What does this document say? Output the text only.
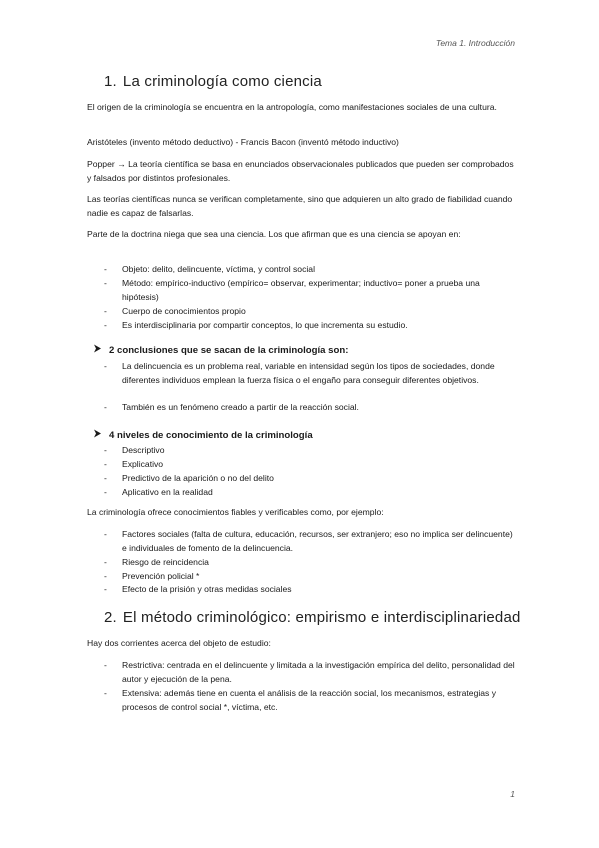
Tema 1. Introducción
1. La criminología como ciencia
El origen de la criminología se encuentra en la antropología, como manifestaciones sociales de una cultura.
Aristóteles (invento método deductivo) - Francis Bacon (inventó método inductivo)
Popper → La teoría científica se basa en enunciados observacionales publicados que pueden ser comprobados y falsados por distintos profesionales.
Las teorías científicas nunca se verifican completamente, sino que adquieren un alto grado de fiabilidad cuando nadie es capaz de falsarlas.
Parte de la doctrina niega que sea una ciencia. Los que afirman que es una ciencia se apoyan en:
- Objeto: delito, delincuente, víctima, y control social
- Método: empírico-inductivo (empírico= observar, experimentar; inductivo= poner a prueba una hipótesis)
- Cuerpo de conocimientos propio
- Es interdisciplinaria por compartir conceptos, lo que incrementa su estudio.
2 conclusiones que se sacan de la criminología son:
- La delincuencia es un problema real, variable en intensidad según los tipos de sociedades, donde diferentes individuos emplean la fuerza física o el engaño para conseguir diferentes objetivos.
- También es un fenómeno creado a partir de la reacción social.
4 niveles de conocimiento de la criminología
- Descriptivo
- Explicativo
- Predictivo de la aparición o no del delito
- Aplicativo en la realidad
La criminología ofrece conocimientos fiables y verificables como, por ejemplo:
- Factores sociales (falta de cultura, educación, recursos, ser extranjero; eso no implica ser delincuente) e individuales de fomento de la delincuencia.
- Riesgo de reincidencia
- Prevención policial *
- Efecto de la prisión y otras medidas sociales
2. El método criminológico: empirismo e interdisciplinariedad
Hay dos corrientes acerca del objeto de estudio:
- Restrictiva: centrada en el delincuente y limitada a la investigación empírica del delito, personalidad del autor y ejecución de la pena.
- Extensiva: además tiene en cuenta el análisis de la reacción social, los mecanismos, estrategias y procesos de control social *, víctima, etc.
1
